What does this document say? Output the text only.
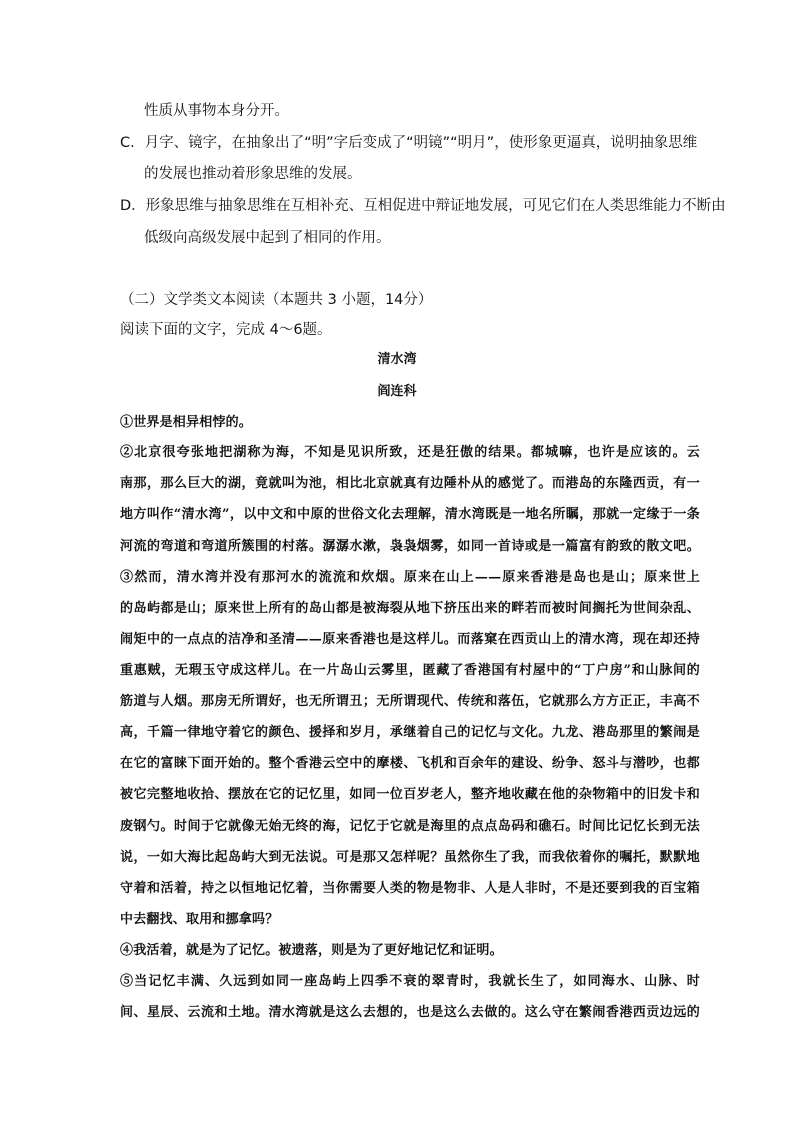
性质从事物本身分开。
C．月字、镜字，在抽象出了“明”字后变成了“明镜”“明月”，使形象更逼真，说明抽象思维
的发展也推动着形象思维的发展。
D．形象思维与抽象思维在互相补充、互相促进中辩证地发展，可见它们在人类思维能力不断由
低级向高级发展中起到了相同的作用。
（二）文学类文本阅读（本题共 3 小题，14分）
阅读下面的文字，完成 4～6题。
清水湾
阎连科
①世界是相异相悖的。
②北京很夸张地把湖称为海，不知是见识所致，还是狂傲的结果。都城嘛，也许是应该的。云
南那，那么巨大的湖，竟就叫为池，相比北京就真有边陲朴从的感觉了。而港岛的东隆西贡，有一
地方叫作“清水湾”，以中文和中原的世俗文化去理解，清水湾既是一地名所瞩，那就一定缘于一条
河流的弯道和弯道所簇围的村落。潺潺水漱，袅袅烟雾，如同一首诗或是一篇富有韵致的散文吧。
③然而，清水湾并没有那河水的流流和炊烟。原来在山上——原来香港是岛也是山；原来世上
的岛屿都是山；原来世上所有的岛山都是被海裂从地下挤压出来的畔若而被时间搁托为世间杂乱、
闹矩中的一点点的洁净和圣清——原来香港也是这样儿。而落窠在西贡山上的清水湾，现在却还持
重惠贼，无瑕玉守成这样儿。在一片岛山云雾里，匿藏了香港国有村屋中的“丁户房”和山脉间的
筋道与人烟。那房无所谓好，也无所谓丑；无所谓现代、传统和落伍，它就那么方方正正，丰高不
高，千篇一律地守着它的颜色、援择和岁月，承继着自己的记忆与文化。九龙、港岛那里的繁闹是
在它的富睐下面开始的。整个香港云空中的摩楼、飞机和百余年的建设、纷争、怒斗与潜吵，也都
被它完整地收拾、摆放在它的记忆里，如同一位百岁老人，整齐地收藏在他的杂物箱中的旧发卡和
废钢勺。时间于它就像无始无终的海，记忆于它就是海里的点点岛码和礁石。时间比记忆长到无法
说，一如大海比起岛屿大到无法说。可是那又怎样呢？虽然你生了我，而我依着你的嘱托，默默地
守着和活着，持之以恒地记忆着，当你需要人类的物是物非、人是人非时，不是还要到我的百宝箱
中去翻找、取用和挪拿吗？
④我活着，就是为了记忆。被遗落，则是为了更好地记忆和证明。
⑤当记忆丰满、久远到如同一座岛屿上四季不衰的翠青时，我就长生了，如同海水、山脉、时
间、星辰、云流和土地。清水湾就是这么去想的，也是这么去做的。这么守在繁闹香港西贡边远的
